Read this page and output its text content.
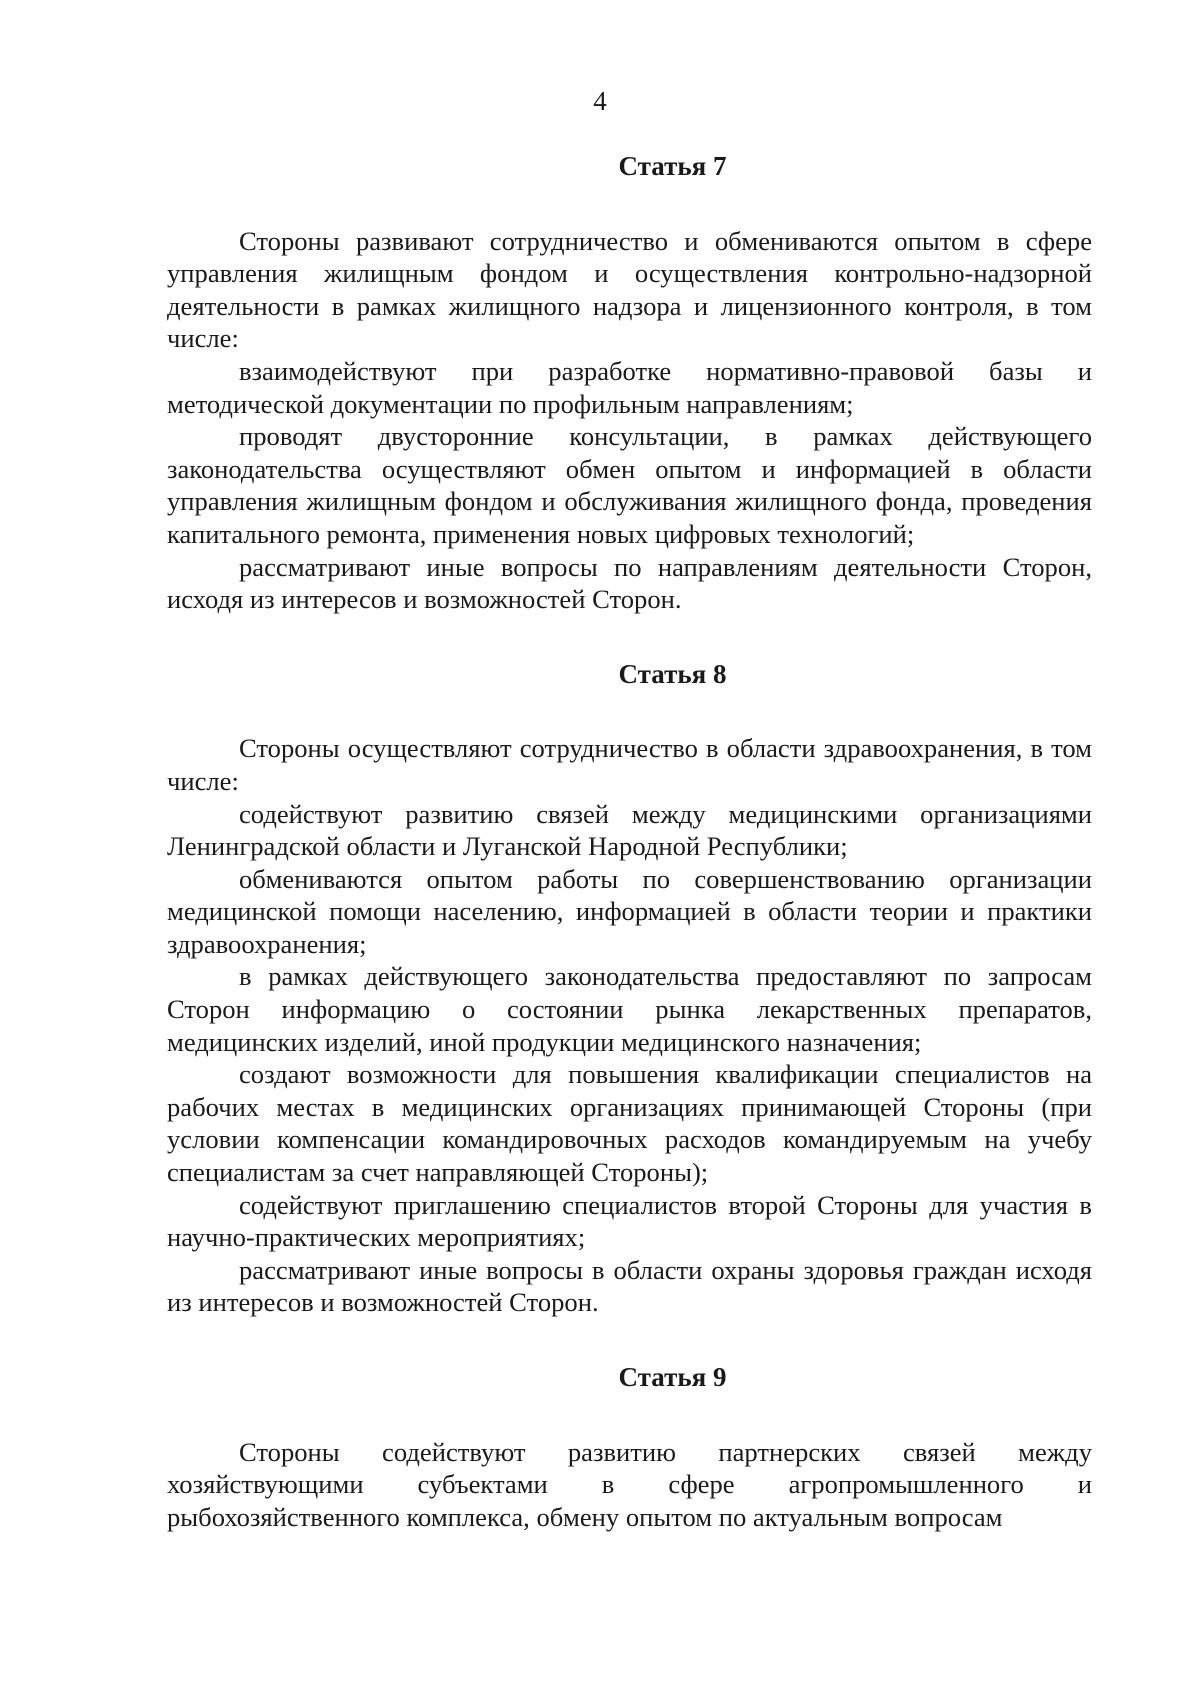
4

Статья 7

Стороны развивают сотрудничество и обмениваются опытом в сфере управления жилищным фондом и осуществления контрольно-надзорной деятельности в рамках жилищного надзора и лицензионного контроля, в том числе:

взаимодействуют при разработке нормативно-правовой базы и методической документации по профильным направлениям;

проводят двусторонние консультации, в рамках действующего законодательства осуществляют обмен опытом и информацией в области управления жилищным фондом и обслуживания жилищного фонда, проведения капитального ремонта, применения новых цифровых технологий;

рассматривают иные вопросы по направлениям деятельности Сторон, исходя из интересов и возможностей Сторон.

Статья 8

Стороны осуществляют сотрудничество в области здравоохранения, в том числе:

содействуют развитию связей между медицинскими организациями Ленинградской области и Луганской Народной Республики;

обмениваются опытом работы по совершенствованию организации медицинской помощи населению, информацией в области теории и практики здравоохранения;

в рамках действующего законодательства предоставляют по запросам Сторон информацию о состоянии рынка лекарственных препаратов, медицинских изделий, иной продукции медицинского назначения;

создают возможности для повышения квалификации специалистов на рабочих местах в медицинских организациях принимающей Стороны (при условии компенсации командировочных расходов командируемым на учебу специалистам за счет направляющей Стороны);

содействуют приглашению специалистов второй Стороны для участия в научно-практических мероприятиях;

рассматривают иные вопросы в области охраны здоровья граждан исходя из интересов и возможностей Сторон.

Статья 9

Стороны содействуют развитию партнерских связей между хозяйствующими субъектами в сфере агропромышленного и рыбохозяйственного комплекса, обмену опытом по актуальным вопросам
